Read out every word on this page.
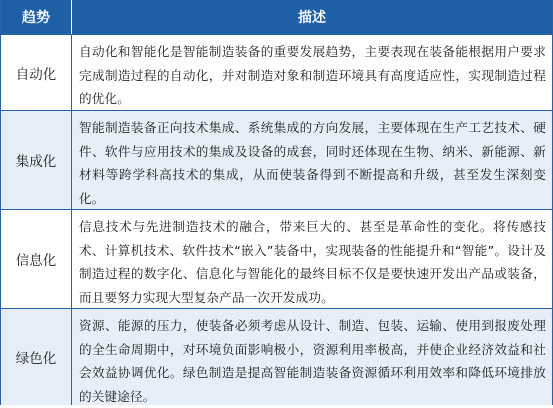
趋势	描述
自动化
自动化和智能化是智能制造装备的重要发展趋势，主要表现在装备能根据用户要求完成制造过程的自动化，并对制造对象和制造环境具有高度适应性，实现制造过程的优化。
集成化
智能制造装备正向技术集成、系统集成的方向发展，主要体现在生产工艺技术、硬件、软件与应用技术的集成及设备的成套，同时还体现在生物、纳米、新能源、新材料等跨学科高技术的集成，从而使装备得到不断提高和升级，甚至发生深刻变化。
信息化
信息技术与先进制造技术的融合，带来巨大的、甚至是革命性的变化。将传感技术、计算机技术、软件技术“嵌入”装备中，实现装备的性能提升和“智能”。设计及制造过程的数字化、信息化与智能化的最终目标不仅是要快速开发出产品或装备，而且要努力实现大型复杂产品一次开发成功。
绿色化
资源、能源的压力，使装备必须考虑从设计、制造、包装、运输、使用到报废处理的全生命周期中，对环境负面影响极小，资源利用率极高，并使企业经济效益和社会效益协调优化。绿色制造是提高智能制造装备资源循环利用效率和降低环境排放的关键途径。
